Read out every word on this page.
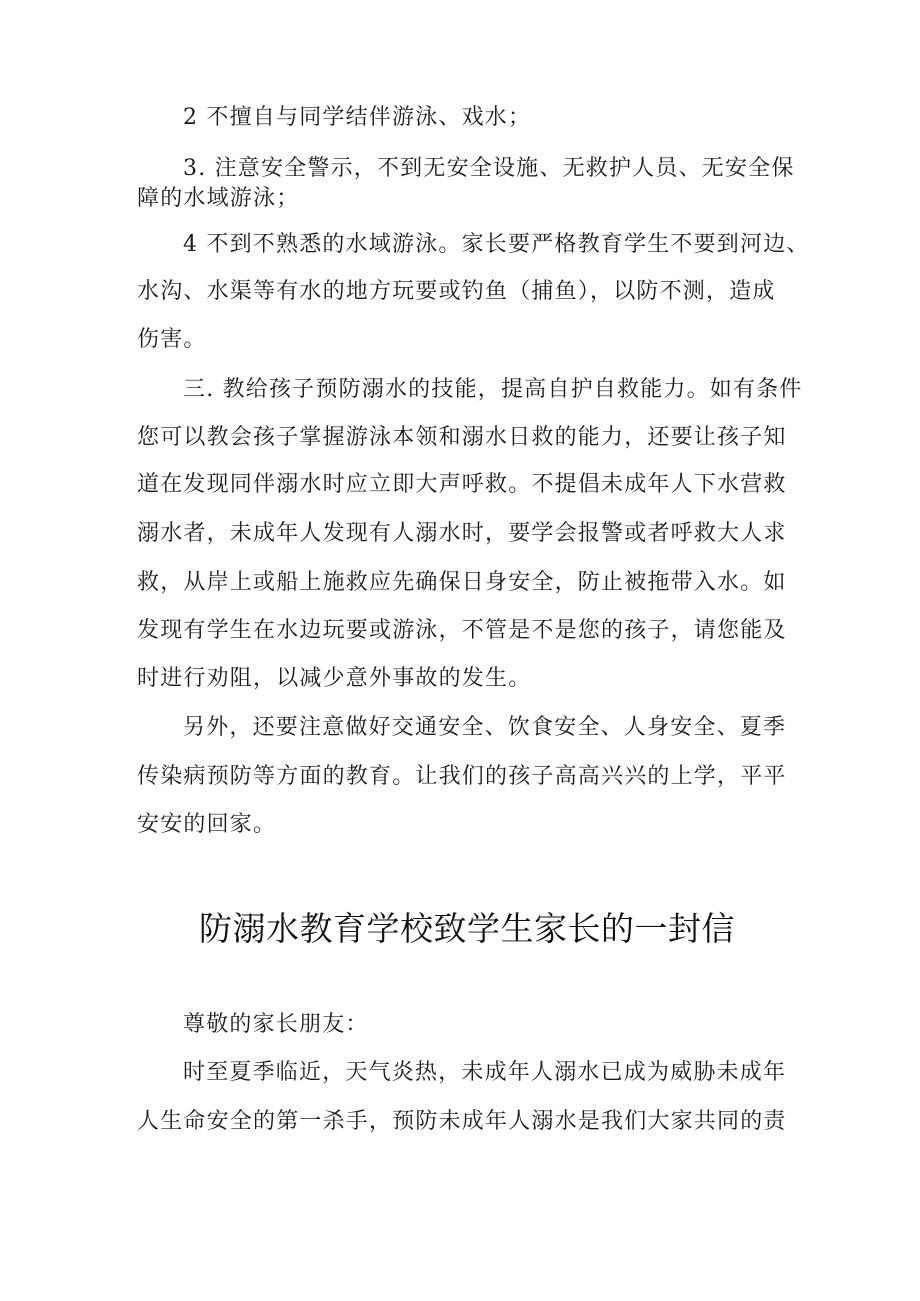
2 不擅自与同学结伴游泳、戏水；
3. 注意安全警示，不到无安全设施、无救护人员、无安全保
障的水域游泳；
4 不到不熟悉的水域游泳。家长要严格教育学生不要到河边、
水沟、水渠等有水的地方玩要或钓鱼（捕鱼），以防不测，造成
伤害。
三. 教给孩子预防溺水的技能，提高自护自救能力。如有条件
您可以教会孩子掌握游泳本领和溺水日救的能力，还要让孩子知
道在发现同伴溺水时应立即大声呼救。不提倡未成年人下水营救
溺水者，未成年人发现有人溺水时，要学会报警或者呼救大人求
救，从岸上或船上施救应先确保日身安全，防止被拖带入水。如
发现有学生在水边玩要或游泳，不管是不是您的孩子，请您能及
时进行劝阻，以减少意外事故的发生。
另外，还要注意做好交通安全、饮食安全、人身安全、夏季
传染病预防等方面的教育。让我们的孩子高高兴兴的上学，平平
安安的回家。
防溺水教育学校致学生家长的一封信
尊敬的家长朋友：
时至夏季临近，天气炎热，未成年人溺水已成为威胁未成年
人生命安全的第一杀手，预防未成年人溺水是我们大家共同的责
